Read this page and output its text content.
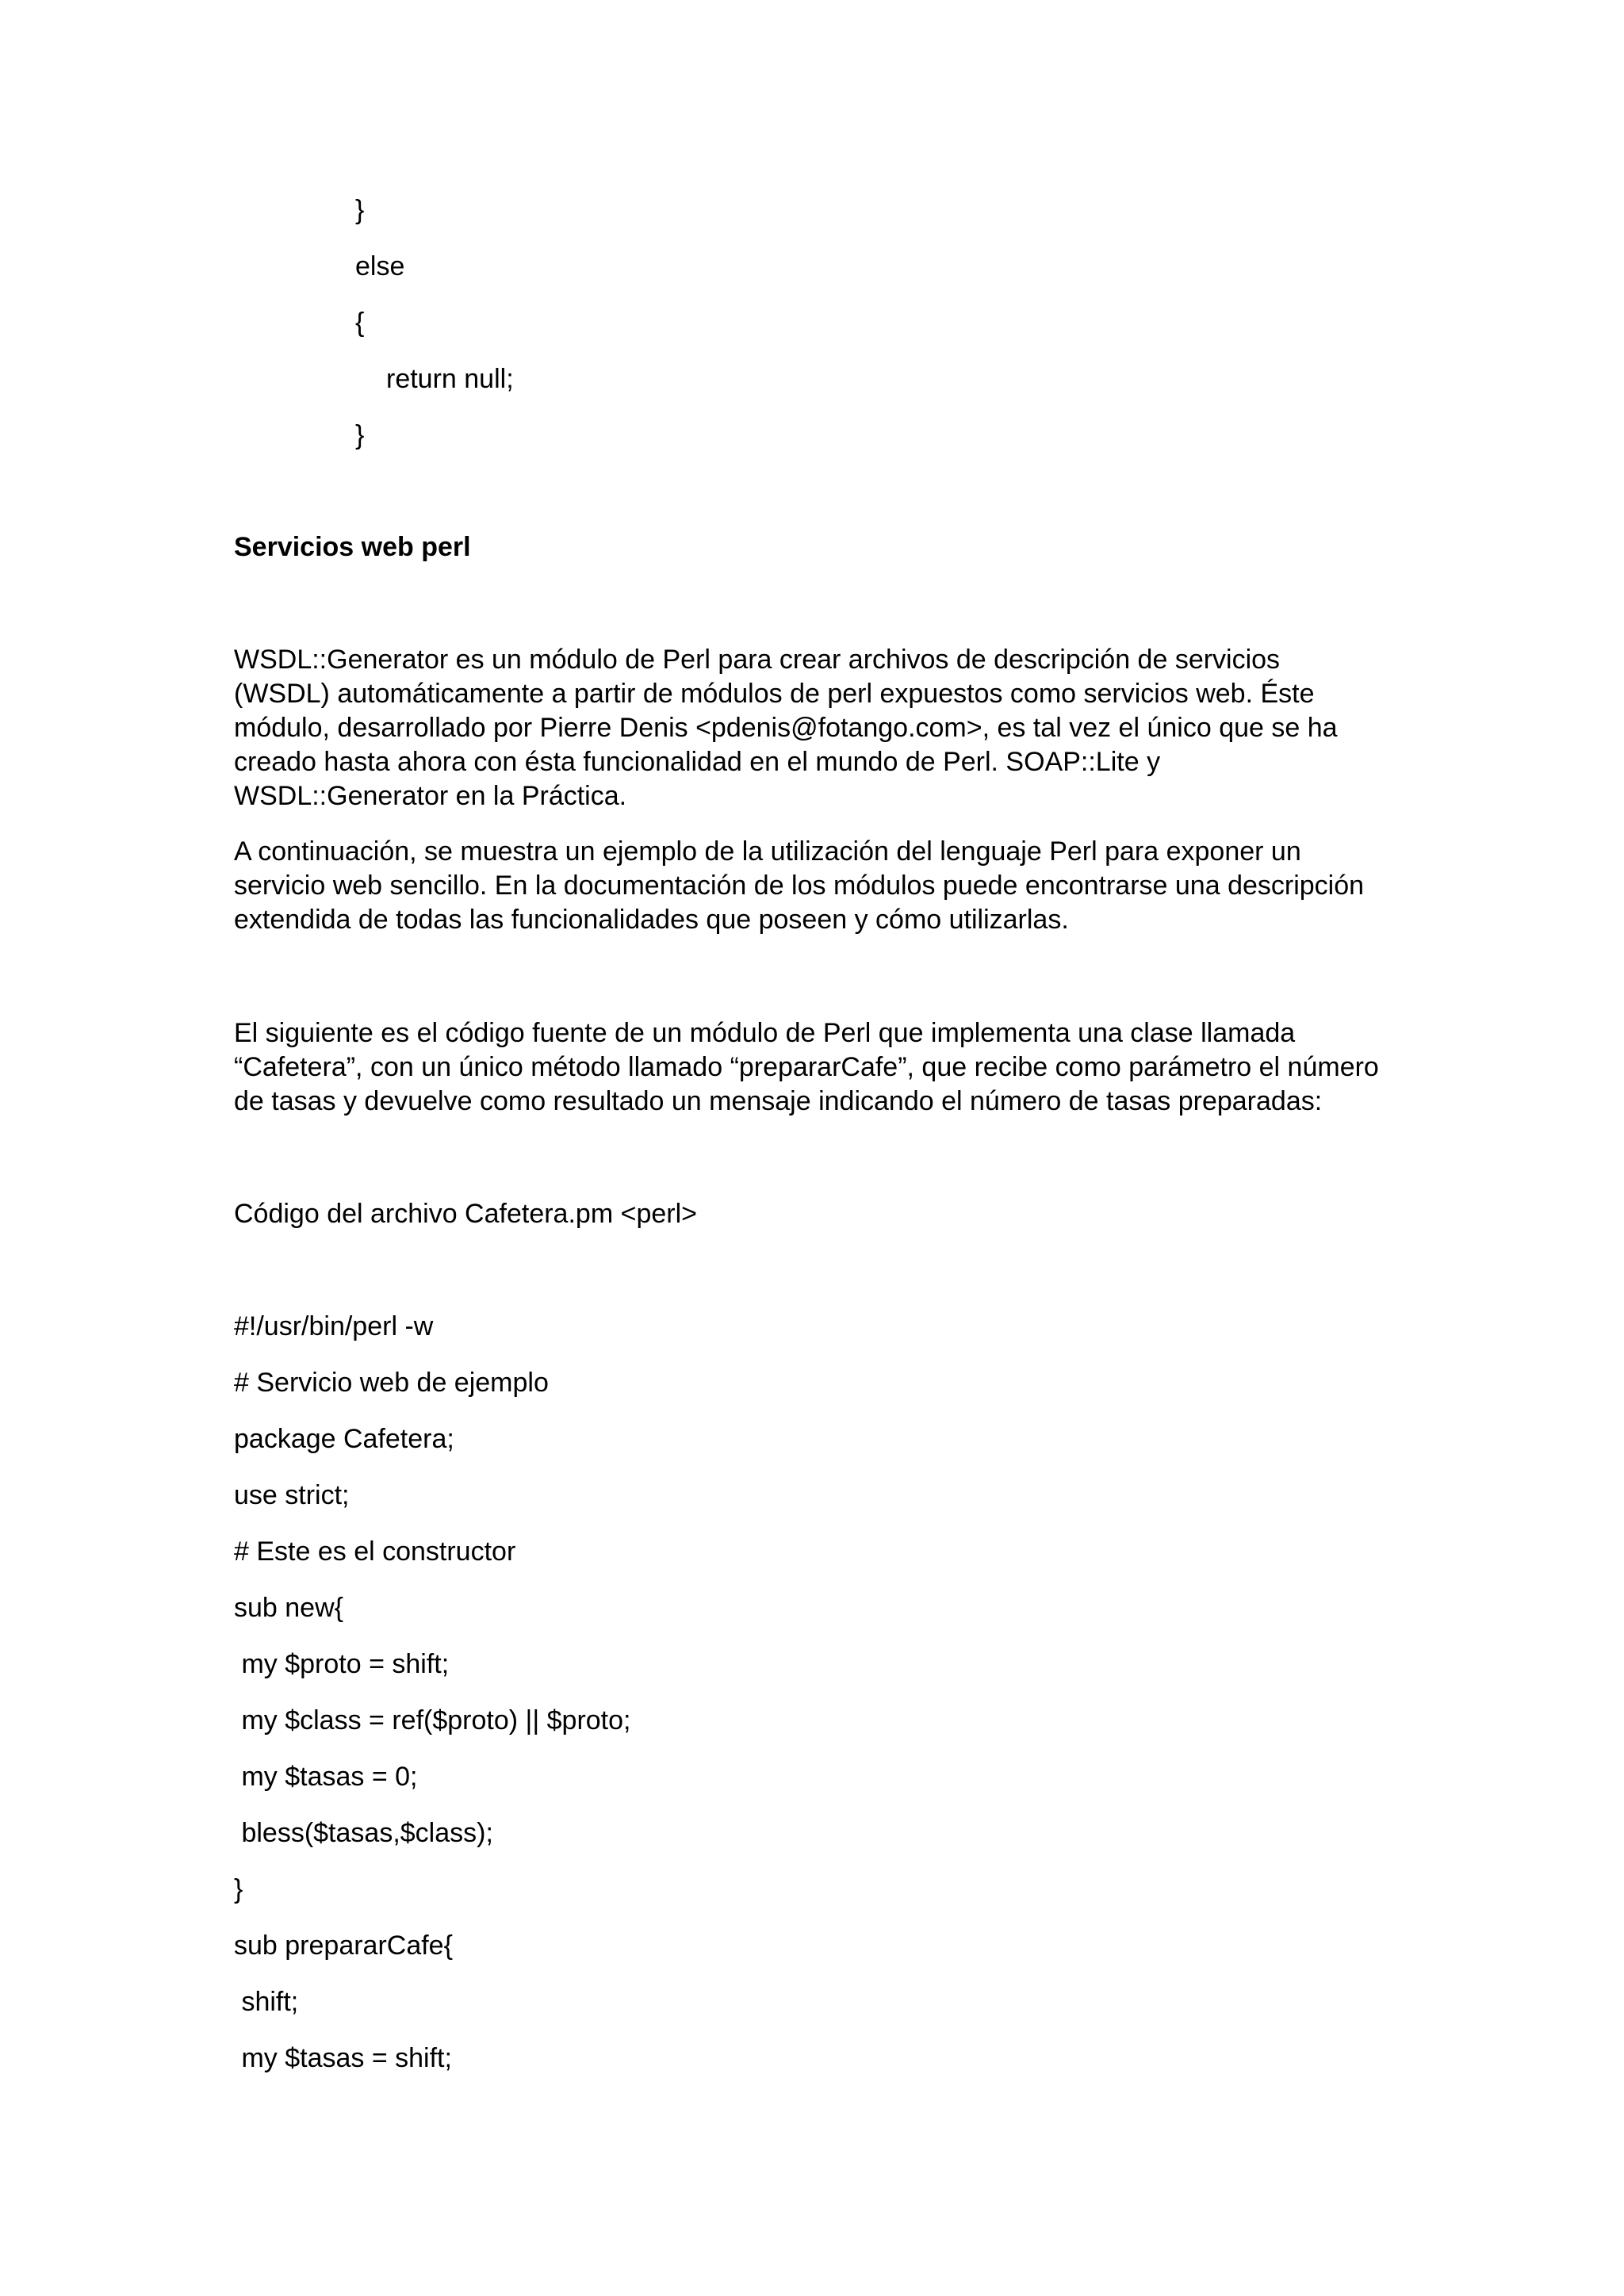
}

else

{

return null;

}

Servicios web perl

WSDL::Generator es un módulo de Perl para crear archivos de descripción de servicios
(WSDL) automáticamente a partir de módulos de perl expuestos como servicios web. Éste
módulo, desarrollado por Pierre Denis <pdenis@fotango.com>, es tal vez el único que se ha
creado hasta ahora con ésta funcionalidad en el mundo de Perl. SOAP::Lite y
WSDL::Generator en la Práctica.
A continuación, se muestra un ejemplo de la utilización del lenguaje Perl para exponer un
servicio web sencillo. En la documentación de los módulos puede encontrarse una descripción
extendida de todas las funcionalidades que poseen y cómo utilizarlas.
El siguiente es el código fuente de un módulo de Perl que implementa una clase llamada
“Cafetera”, con un único método llamado “prepararCafe”, que recibe como parámetro el número
de tasas y devuelve como resultado un mensaje indicando el número de tasas preparadas:

Código del archivo Cafetera.pm <perl>

#!/usr/bin/perl -w

# Servicio web de ejemplo

package Cafetera;

use strict;

# Este es el constructor

sub new{

my $proto = shift;

my $class = ref($proto) || $proto;

my $tasas = 0;

bless($tasas,$class);

}

sub prepararCafe{

shift;

my $tasas = shift;
